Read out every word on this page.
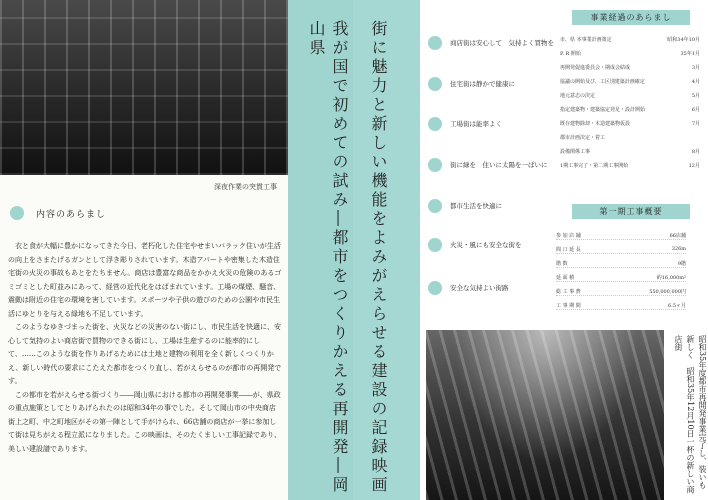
深夜作業の突貫工事
内容のあらまし

衣と食が大幅に豊かになってきた今日、老朽化した住宅やせまいバラック住いが生活の向上をさまたげるガンとして浮き彫りされています。木造アパートや密集した木造住宅街の火災の事故もあとをたちません。商店は豊富な商品をかかえ火災の危険のあるゴミゴミとした町並みにあって、経営の近代化をはばまれています。工場の煤煙、騒音、震動は附近の住宅の環境を害しています。スポーツや子供の遊びのための公園や市民生活にゆとりを与える緑地も不足しています。

このようなゆきづまった街を、火災などの災害のない街にし、市民生活を快適に、安心して気持のよい商店街で買物のできる街にし、工場は生産するのに能率的にして、……このような街を作りあげるためには土地と建物の利用を全く新しくつくりかえ、新しい時代の要求にこたえた都市をつくり直し、若がえらせるのが都市の再開発です。

この都市を若がえらせる街づくり――岡山県における都市の再開発事業――が、県政の重点施策としてとりあげられたのは昭和34年の事でした。そして岡山市の中央商店街上之町、中之町地区がその第一陣として手がけられ、66店舗の商店が一挙に参加して街は見ちがえる程立派になりました。この映画は、そのたくましい工事記録であり、美しい建設譜であります。	我が国で初めての試み―都市をつくりかえる再開発―岡山県	街に魅力と新しい機能をよみがえらせる建設の記録映画	商店街は安心して　気持よく買物を
住宅街は静かで健康に
工場街は能率よく
街に緑を　住いに太陽を一ぱいに
都市生活を快適に
火災・風にも安全な街を
安全な気持よい街路
事業経過のあらまし
市、県 本事業計画策定	昭和34年10月
P. R 開始	35年1月
再開発促進委員会・期成会結成	3月
協議の開始及び、工区別建築計画確定	4月
地元意志の決定	5月
指定建築物・建築協定発足・設計開始	6月
既存建物除却・木造建築物仮設	7月
都市計画決定・着工
設備関係工事	8月
1期工事完了・第二期工事開始	12月
第一期工事概要
参 加 店 舗	66店舗
間 口 延 長	326m
階 数	9階
延 面 積	約16,000m²
総 工 事 費	550,000,000円
工 事 期 間	6.5ヶ月
昭和35年度都市再開発事業完了し、装いも新しく　昭和35年12月10日一杯の新しい商店街
